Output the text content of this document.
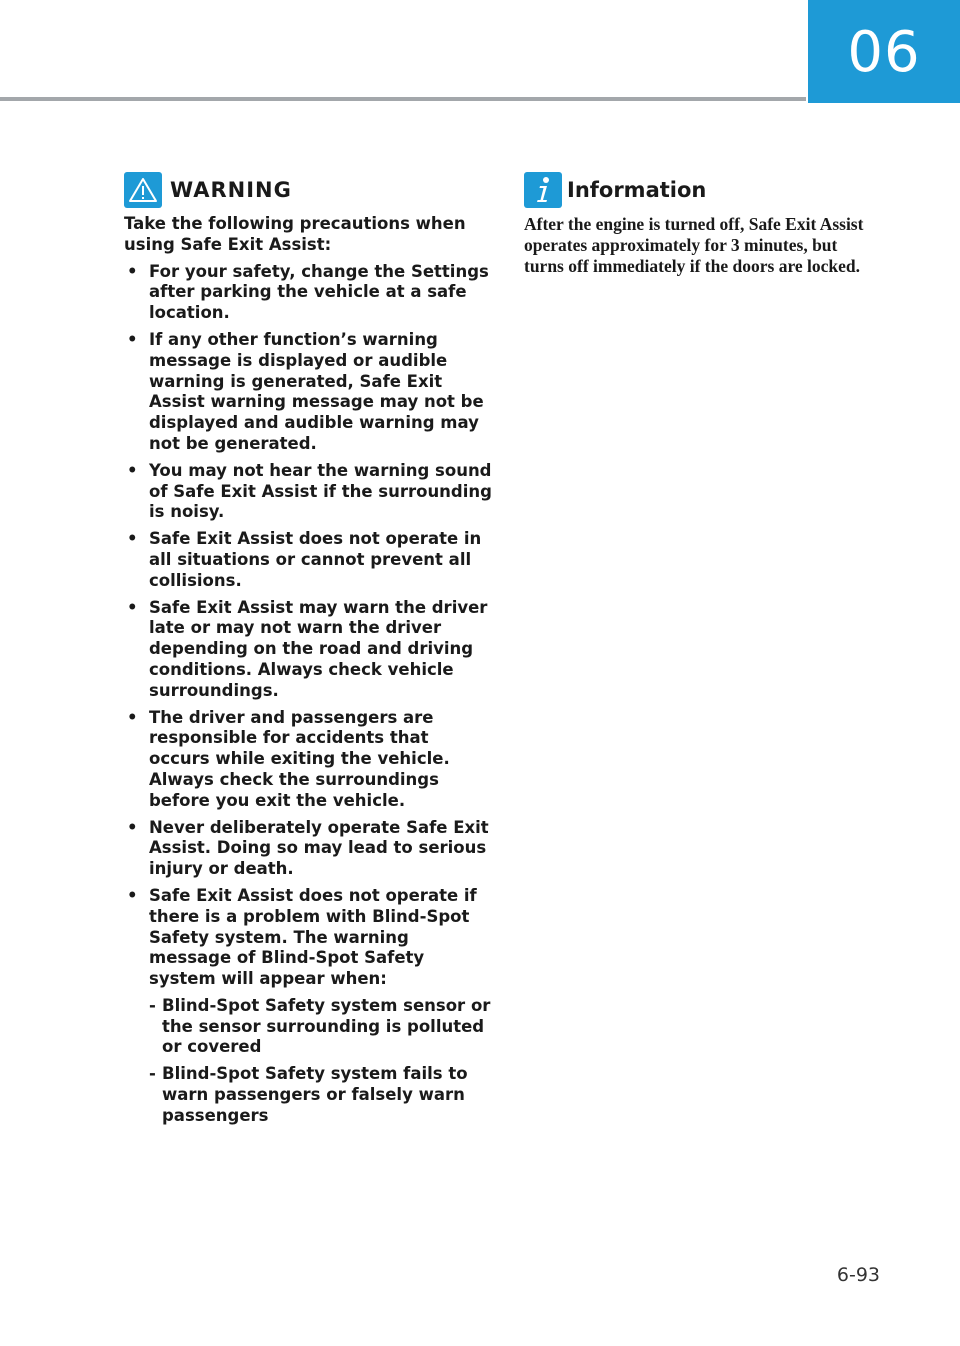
06
WARNING
Take the following precautions when using Safe Exit Assist:
• For your safety, change the Settings after parking the vehicle at a safe location.
• If any other function’s warning message is displayed or audible warning is generated, Safe Exit Assist warning message may not be displayed and audible warning may not be generated.
• You may not hear the warning sound of Safe Exit Assist if the surrounding is noisy.
• Safe Exit Assist does not operate in all situations or cannot prevent all collisions.
• Safe Exit Assist may warn the driver late or may not warn the driver depending on the road and driving conditions. Always check vehicle surroundings.
• The driver and passengers are responsible for accidents that occurs while exiting the vehicle. Always check the surroundings before you exit the vehicle.
• Never deliberately operate Safe Exit Assist. Doing so may lead to serious injury or death.
• Safe Exit Assist does not operate if there is a problem with Blind-Spot Safety system. The warning message of Blind-Spot Safety system will appear when:
- Blind-Spot Safety system sensor or the sensor surrounding is polluted or covered
- Blind-Spot Safety system fails to warn passengers or falsely warn passengers
Information
After the engine is turned off, Safe Exit Assist operates approximately for 3 minutes, but turns off immediately if the doors are locked.
6-93
